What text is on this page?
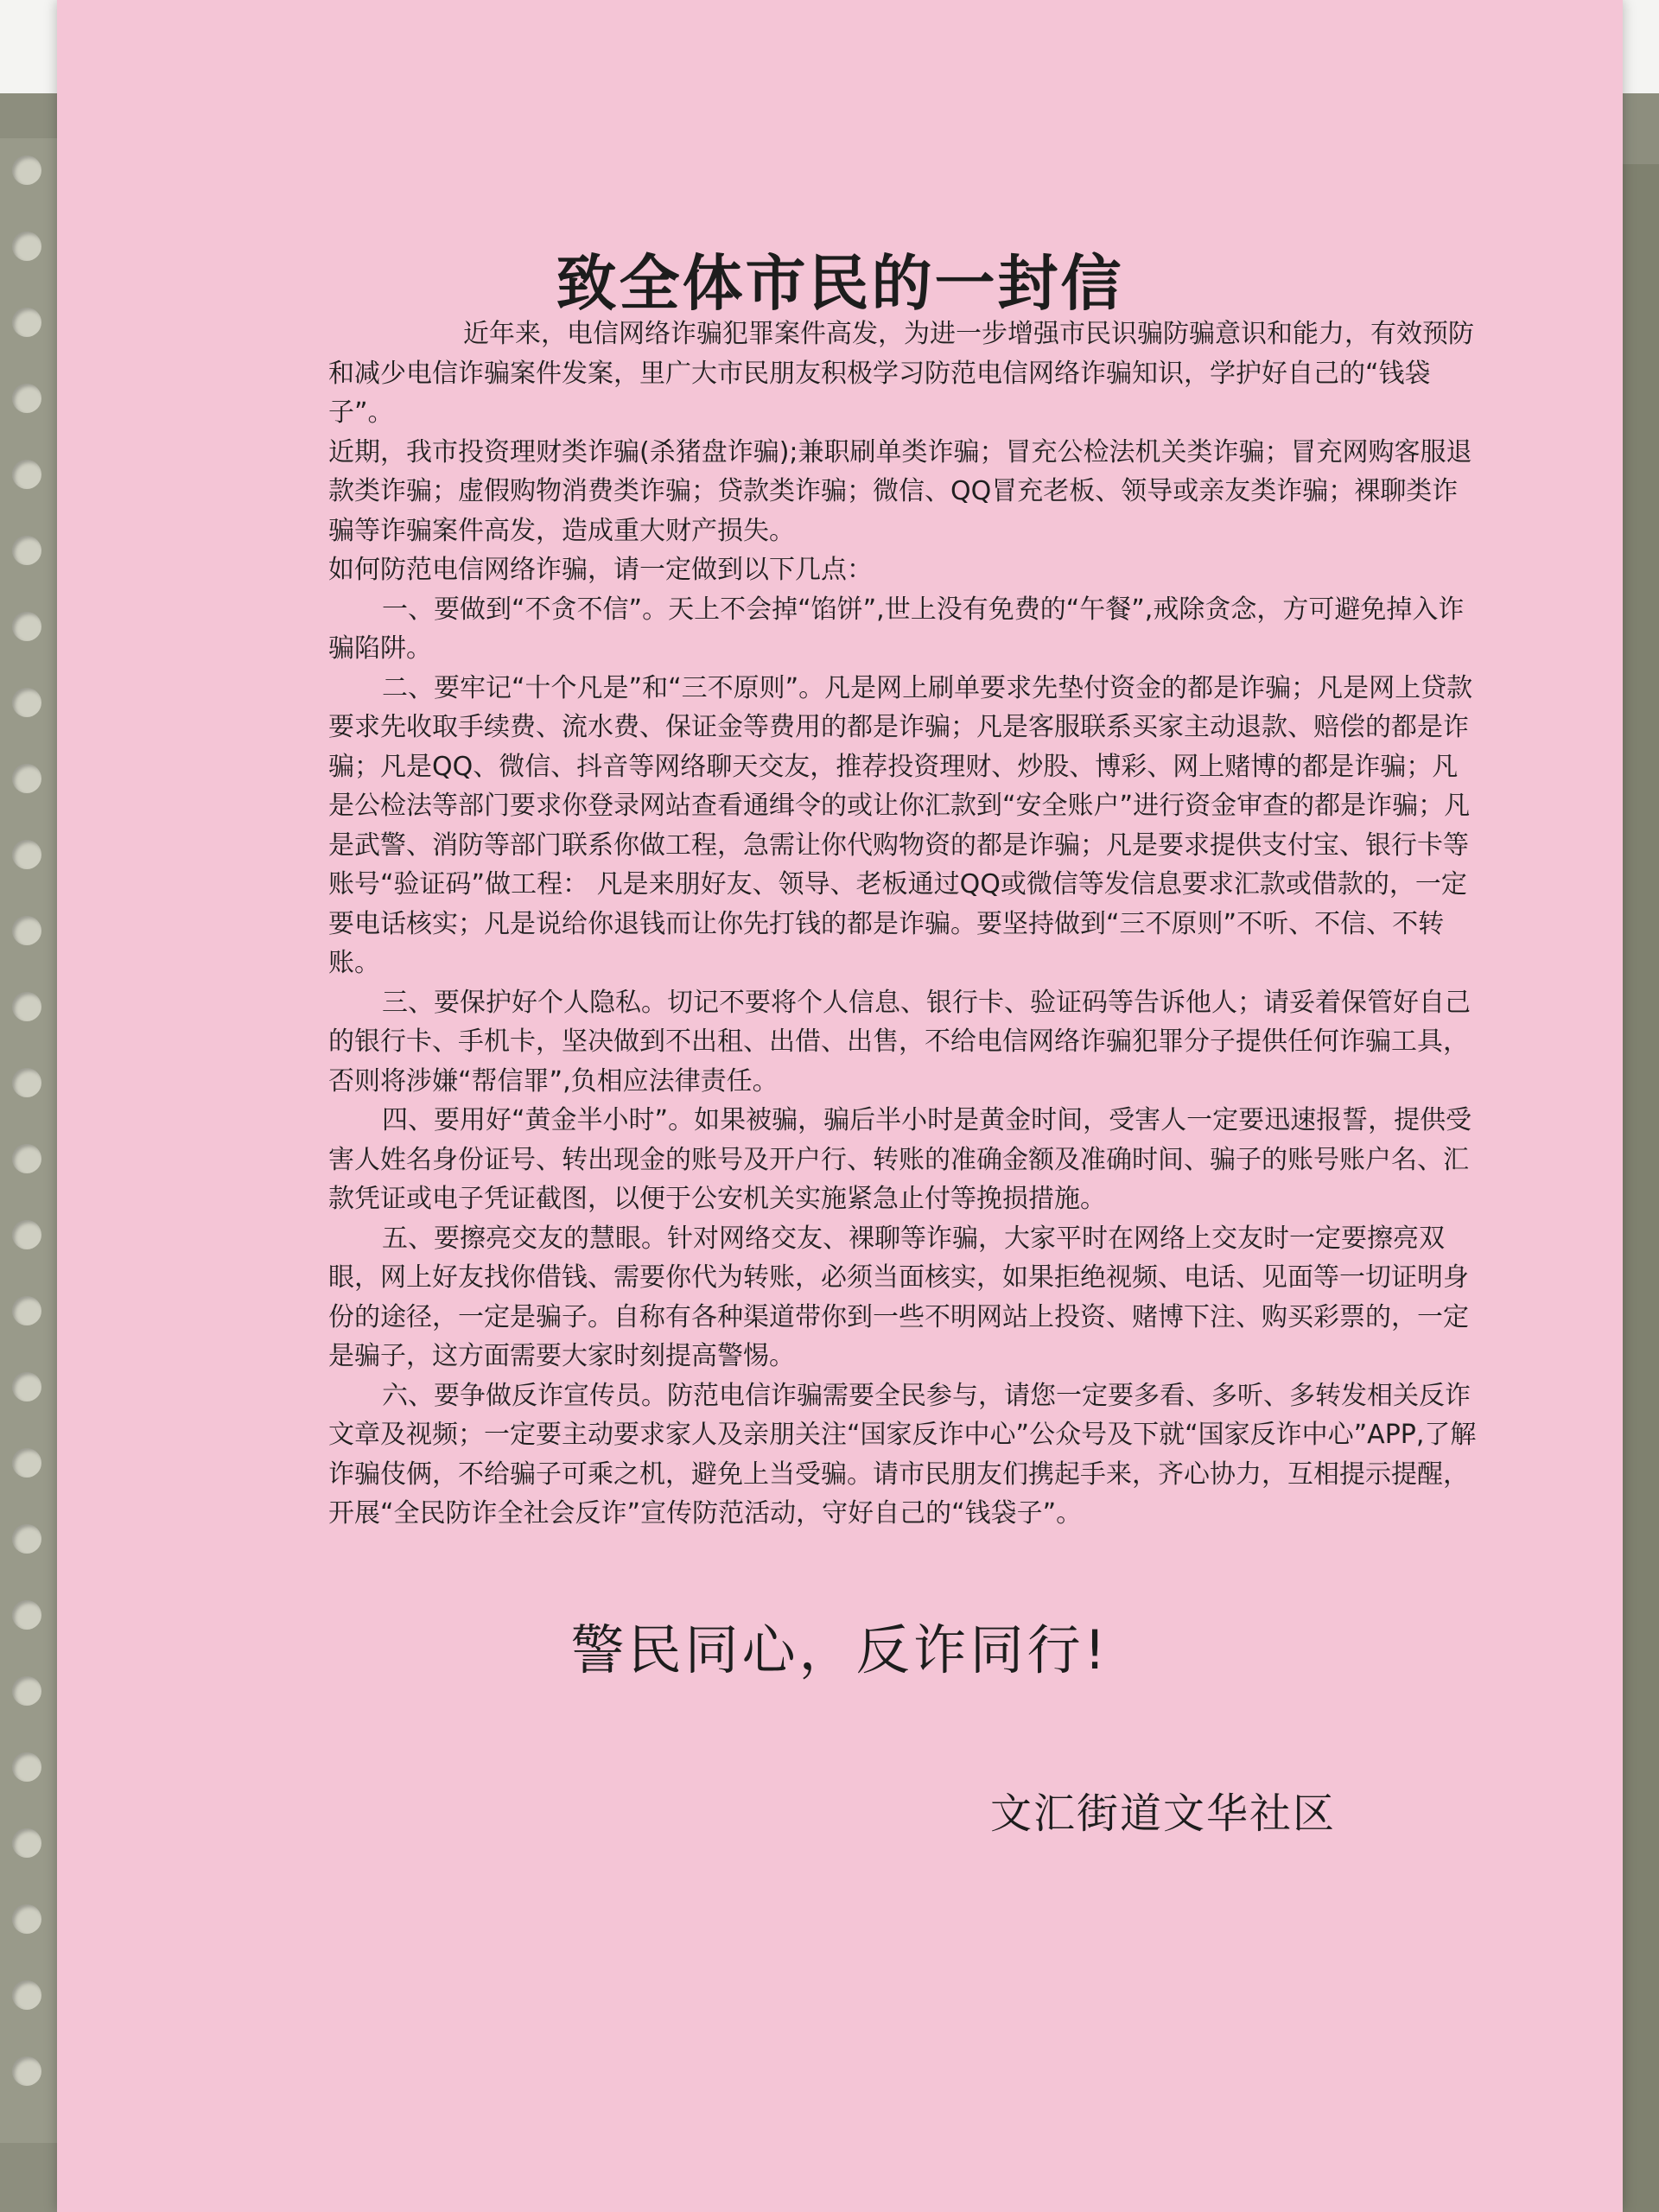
致全体市民的一封信

近年来，电信网络诈骗犯罪案件高发，为进一步增强市民识骗防骗意识和能力，有效预防和减少电信诈骗案件发案，里广大市民朋友积极学习防范电信网络诈骗知识，学护好自己的“钱袋子”。

近期，我市投资理财类诈骗(杀猪盘诈骗);兼职刷单类诈骗；冒充公检法机关类诈骗；冒充网购客服退款类诈骗；虚假购物消费类诈骗；贷款类诈骗；微信、QQ冒充老板、领导或亲友类诈骗；裸聊类诈骗等诈骗案件高发，造成重大财产损失。

如何防范电信网络诈骗，请一定做到以下几点：

一、要做到“不贪不信”。天上不会掉“馅饼”,世上没有免费的“午餐”,戒除贪念，方可避免掉入诈骗陷阱。

二、要牢记“十个凡是”和“三不原则”。凡是网上刷单要求先垫付资金的都是诈骗；凡是网上贷款要求先收取手续费、流水费、保证金等费用的都是诈骗；凡是客服联系买家主动退款、赔偿的都是诈骗；凡是QQ、微信、抖音等网络聊天交友，推荐投资理财、炒股、博彩、网上赌博的都是诈骗；凡是公检法等部门要求你登录网站查看通缉令的或让你汇款到“安全账户”进行资金审查的都是诈骗；凡是武警、消防等部门联系你做工程，急需让你代购物资的都是诈骗；凡是要求提供支付宝、银行卡等账号“验证码”做工程： 凡是来朋好友、领导、老板通过QQ或微信等发信息要求汇款或借款的，一定要电话核实；凡是说给你退钱而让你先打钱的都是诈骗。要坚持做到“三不原则”不听、不信、不转账。

三、要保护好个人隐私。切记不要将个人信息、银行卡、验证码等告诉他人；请妥着保管好自己的银行卡、手机卡，坚决做到不出租、出借、出售，不给电信网络诈骗犯罪分子提供任何诈骗工具，否则将涉嫌“帮信罪”,负相应法律责任。

四、要用好“黄金半小时”。如果被骗，骗后半小时是黄金时间，受害人一定要迅速报誓，提供受害人姓名身份证号、转出现金的账号及开户行、转账的准确金额及准确时间、骗子的账号账户名、汇款凭证或电子凭证截图，以便于公安机关实施紧急止付等挽损措施。

五、要擦亮交友的慧眼。针对网络交友、裸聊等诈骗，大家平时在网络上交友时一定要擦亮双眼，网上好友找你借钱、需要你代为转账，必须当面核实，如果拒绝视频、电话、见面等一切证明身份的途径，一定是骗子。自称有各种渠道带你到一些不明网站上投资、赌博下注、购买彩票的，一定是骗子，这方面需要大家时刻提高警惕。

六、要争做反诈宣传员。防范电信诈骗需要全民参与，请您一定要多看、多听、多转发相关反诈文章及视频；一定要主动要求家人及亲朋关注“国家反诈中心”公众号及下就“国家反诈中心”APP,了解诈骗伎俩，不给骗子可乘之机，避免上当受骗。请市民朋友们携起手来，齐心协力，互相提示提醒，开展“全民防诈全社会反诈”宣传防范活动，守好自己的“钱袋子”。

警民同心，反诈同行!
文汇街道文华社区
